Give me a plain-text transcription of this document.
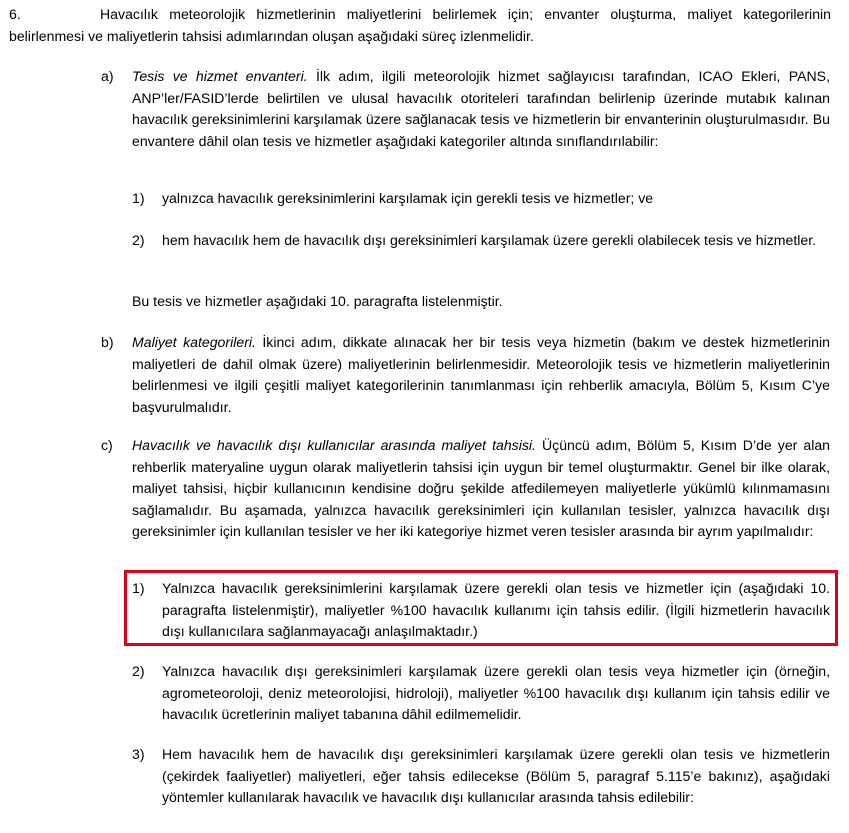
6.	Havacılık meteorolojik hizmetlerinin maliyetlerini belirlemek için; envanter oluşturma, maliyet kategorilerinin belirlenmesi ve maliyetlerin tahsisi adımlarından oluşan aşağıdaki süreç izlenmelidir.

a) Tesis ve hizmet envanteri. İlk adım, ilgili meteorolojik hizmet sağlayıcısı tarafından, ICAO Ekleri, PANS, ANP’ler/FASID’lerde belirtilen ve ulusal havacılık otoriteleri tarafından belirlenip üzerinde mutabık kalınan havacılık gereksinimlerini karşılamak üzere sağlanacak tesis ve hizmetlerin bir envanterinin oluşturulmasıdır. Bu envantere dâhil olan tesis ve hizmetler aşağıdaki kategoriler altında sınıflandırılabilir:

1) yalnızca havacılık gereksinimlerini karşılamak için gerekli tesis ve hizmetler; ve

2) hem havacılık hem de havacılık dışı gereksinimleri karşılamak üzere gerekli olabilecek tesis ve hizmetler.

Bu tesis ve hizmetler aşağıdaki 10. paragrafta listelenmiştir.

b) Maliyet kategorileri. İkinci adım, dikkate alınacak her bir tesis veya hizmetin (bakım ve destek hizmetlerinin maliyetleri de dahil olmak üzere) maliyetlerinin belirlenmesidir. Meteorolojik tesis ve hizmetlerin maliyetlerinin belirlenmesi ve ilgili çeşitli maliyet kategorilerinin tanımlanması için rehberlik amacıyla, Bölüm 5, Kısım C’ye başvurulmalıdır.

c) Havacılık ve havacılık dışı kullanıcılar arasında maliyet tahsisi. Üçüncü adım, Bölüm 5, Kısım D’de yer alan rehberlik materyaline uygun olarak maliyetlerin tahsisi için uygun bir temel oluşturmaktır. Genel bir ilke olarak, maliyet tahsisi, hiçbir kullanıcının kendisine doğru şekilde atfedilemeyen maliyetlerle yükümlü kılınmamasını sağlamalıdır. Bu aşamada, yalnızca havacılık gereksinimleri için kullanılan tesisler, yalnızca havacılık dışı gereksinimler için kullanılan tesisler ve her iki kategoriye hizmet veren tesisler arasında bir ayrım yapılmalıdır:

1) Yalnızca havacılık gereksinimlerini karşılamak üzere gerekli olan tesis ve hizmetler için (aşağıdaki 10. paragrafta listelenmiştir), maliyetler %100 havacılık kullanımı için tahsis edilir. (İlgili hizmetlerin havacılık dışı kullanıcılara sağlanmayacağı anlaşılmaktadır.)

2) Yalnızca havacılık dışı gereksinimleri karşılamak üzere gerekli olan tesis veya hizmetler için (örneğin, agrometeoroloji, deniz meteorolojisi, hidroloji), maliyetler %100 havacılık dışı kullanım için tahsis edilir ve havacılık ücretlerinin maliyet tabanına dâhil edilmemelidir.

3) Hem havacılık hem de havacılık dışı gereksinimleri karşılamak üzere gerekli olan tesis ve hizmetlerin (çekirdek faaliyetler) maliyetleri, eğer tahsis edilecekse (Bölüm 5, paragraf 5.115’e bakınız), aşağıdaki yöntemler kullanılarak havacılık ve havacılık dışı kullanıcılar arasında tahsis edilebilir:
